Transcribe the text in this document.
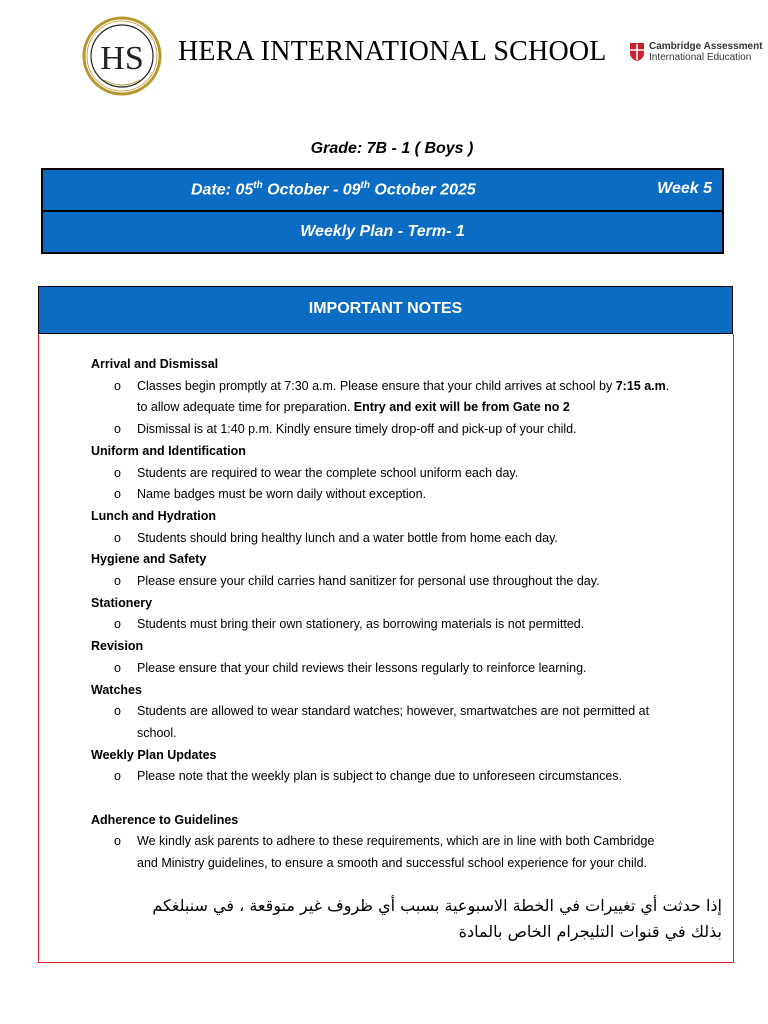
HS HERA INTERNATIONAL SCHOOL	Cambridge Assessment
International Education
Grade: 7B - 1 ( Boys )
Date: 05th October - 09th October 2025	Week 5
Weekly Plan - Term- 1
IMPORTANT NOTES
Arrival and Dismissal
o Classes begin promptly at 7:30 a.m. Please ensure that your child arrives at school by 7:15 a.m.
to allow adequate time for preparation. Entry and exit will be from Gate no 2
o Dismissal is at 1:40 p.m. Kindly ensure timely drop-off and pick-up of your child.
Uniform and Identification
o Students are required to wear the complete school uniform each day.
o Name badges must be worn daily without exception.
Lunch and Hydration
o Students should bring healthy lunch and a water bottle from home each day.
Hygiene and Safety
o Please ensure your child carries hand sanitizer for personal use throughout the day.
Stationery
o Students must bring their own stationery, as borrowing materials is not permitted.
Revision
o Please ensure that your child reviews their lessons regularly to reinforce learning.
Watches
o Students are allowed to wear standard watches; however, smartwatches are not permitted at
school.
Weekly Plan Updates
o Please note that the weekly plan is subject to change due to unforeseen circumstances.
Adherence to Guidelines
o We kindly ask parents to adhere to these requirements, which are in line with both Cambridge
and Ministry guidelines, to ensure a smooth and successful school experience for your child.
إذا حدثت أي تغييرات في الخطة الاسبوعية بسبب أي ظروف غير متوقعة ، في سنبلغكم
بذلك في قنوات التليجرام الخاص بالمادة
